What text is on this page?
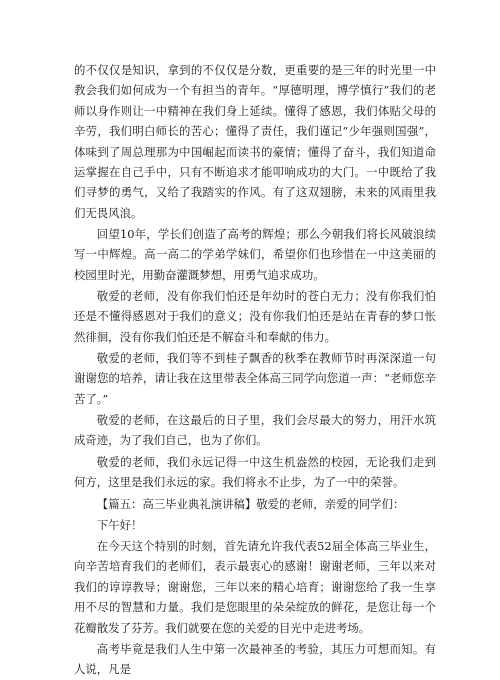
的不仅仅是知识，拿到的不仅仅是分数，更重要的是三年的时光里一中教会我们如何成为一个有担当的青年。“厚德明理，博学慎行”我们的老师以身作则让一中精神在我们身上延续。懂得了感恩，我们体贴父母的辛劳，我们明白师长的苦心；懂得了责任，我们谨记“少年强则国强”，体味到了周总理那为中国崛起而读书的豪情；懂得了奋斗，我们知道命运掌握在自己手中，只有不断追求才能叩响成功的大门。一中既给了我们寻梦的勇气，又给了我踏实的作风。有了这双翅膀，未来的风雨里我们无畏风浪。

回望10年，学长们创造了高考的辉煌；那么今朝我们将长风破浪续写一中辉煌。高一高二的学弟学妹们，希望你们也珍惜在一中这美丽的校园里时光，用勤奋灌溉梦想，用勇气追求成功。

敬爱的老师，没有你我们怕还是年幼时的苍白无力；没有你我们怕还是不懂得感恩对于我们的意义；没有你我们怕还是站在青春的梦口怅然徘徊，没有你我们怕还是不解奋斗和奉献的伟力。

敬爱的老师，我们等不到桂子飘香的秋季在教师节时再深深道一句谢谢您的培养，请让我在这里带表全体高三同学向您道一声：“老师您辛苦了。”

敬爱的老师，在这最后的日子里，我们会尽最大的努力，用汗水筑成奇迹，为了我们自己，也为了你们。

敬爱的老师，我们永远记得一中这生机盎然的校园，无论我们走到何方，这里是我们永远的家。我们将永不止步，为了一中的荣誉。

【篇五：高三毕业典礼演讲稿】敬爱的老师，亲爱的同学们：

下午好！

在今天这个特别的时刻，首先请允许我代表52届全体高三毕业生，向辛苦培育我们的老师们，表示最衷心的感谢！谢谢老师，三年以来对我们的谆谆教导；谢谢您，三年以来的精心培育；谢谢您给了我一生享用不尽的智慧和力量。我们是您眼里的朵朵绽放的鲜花，是您让每一个花瓣散发了芬芳。我们就要在您的关爱的目光中走进考场。

高考毕竟是我们人生中第一次最神圣的考验，其压力可想而知。有人说，凡是
